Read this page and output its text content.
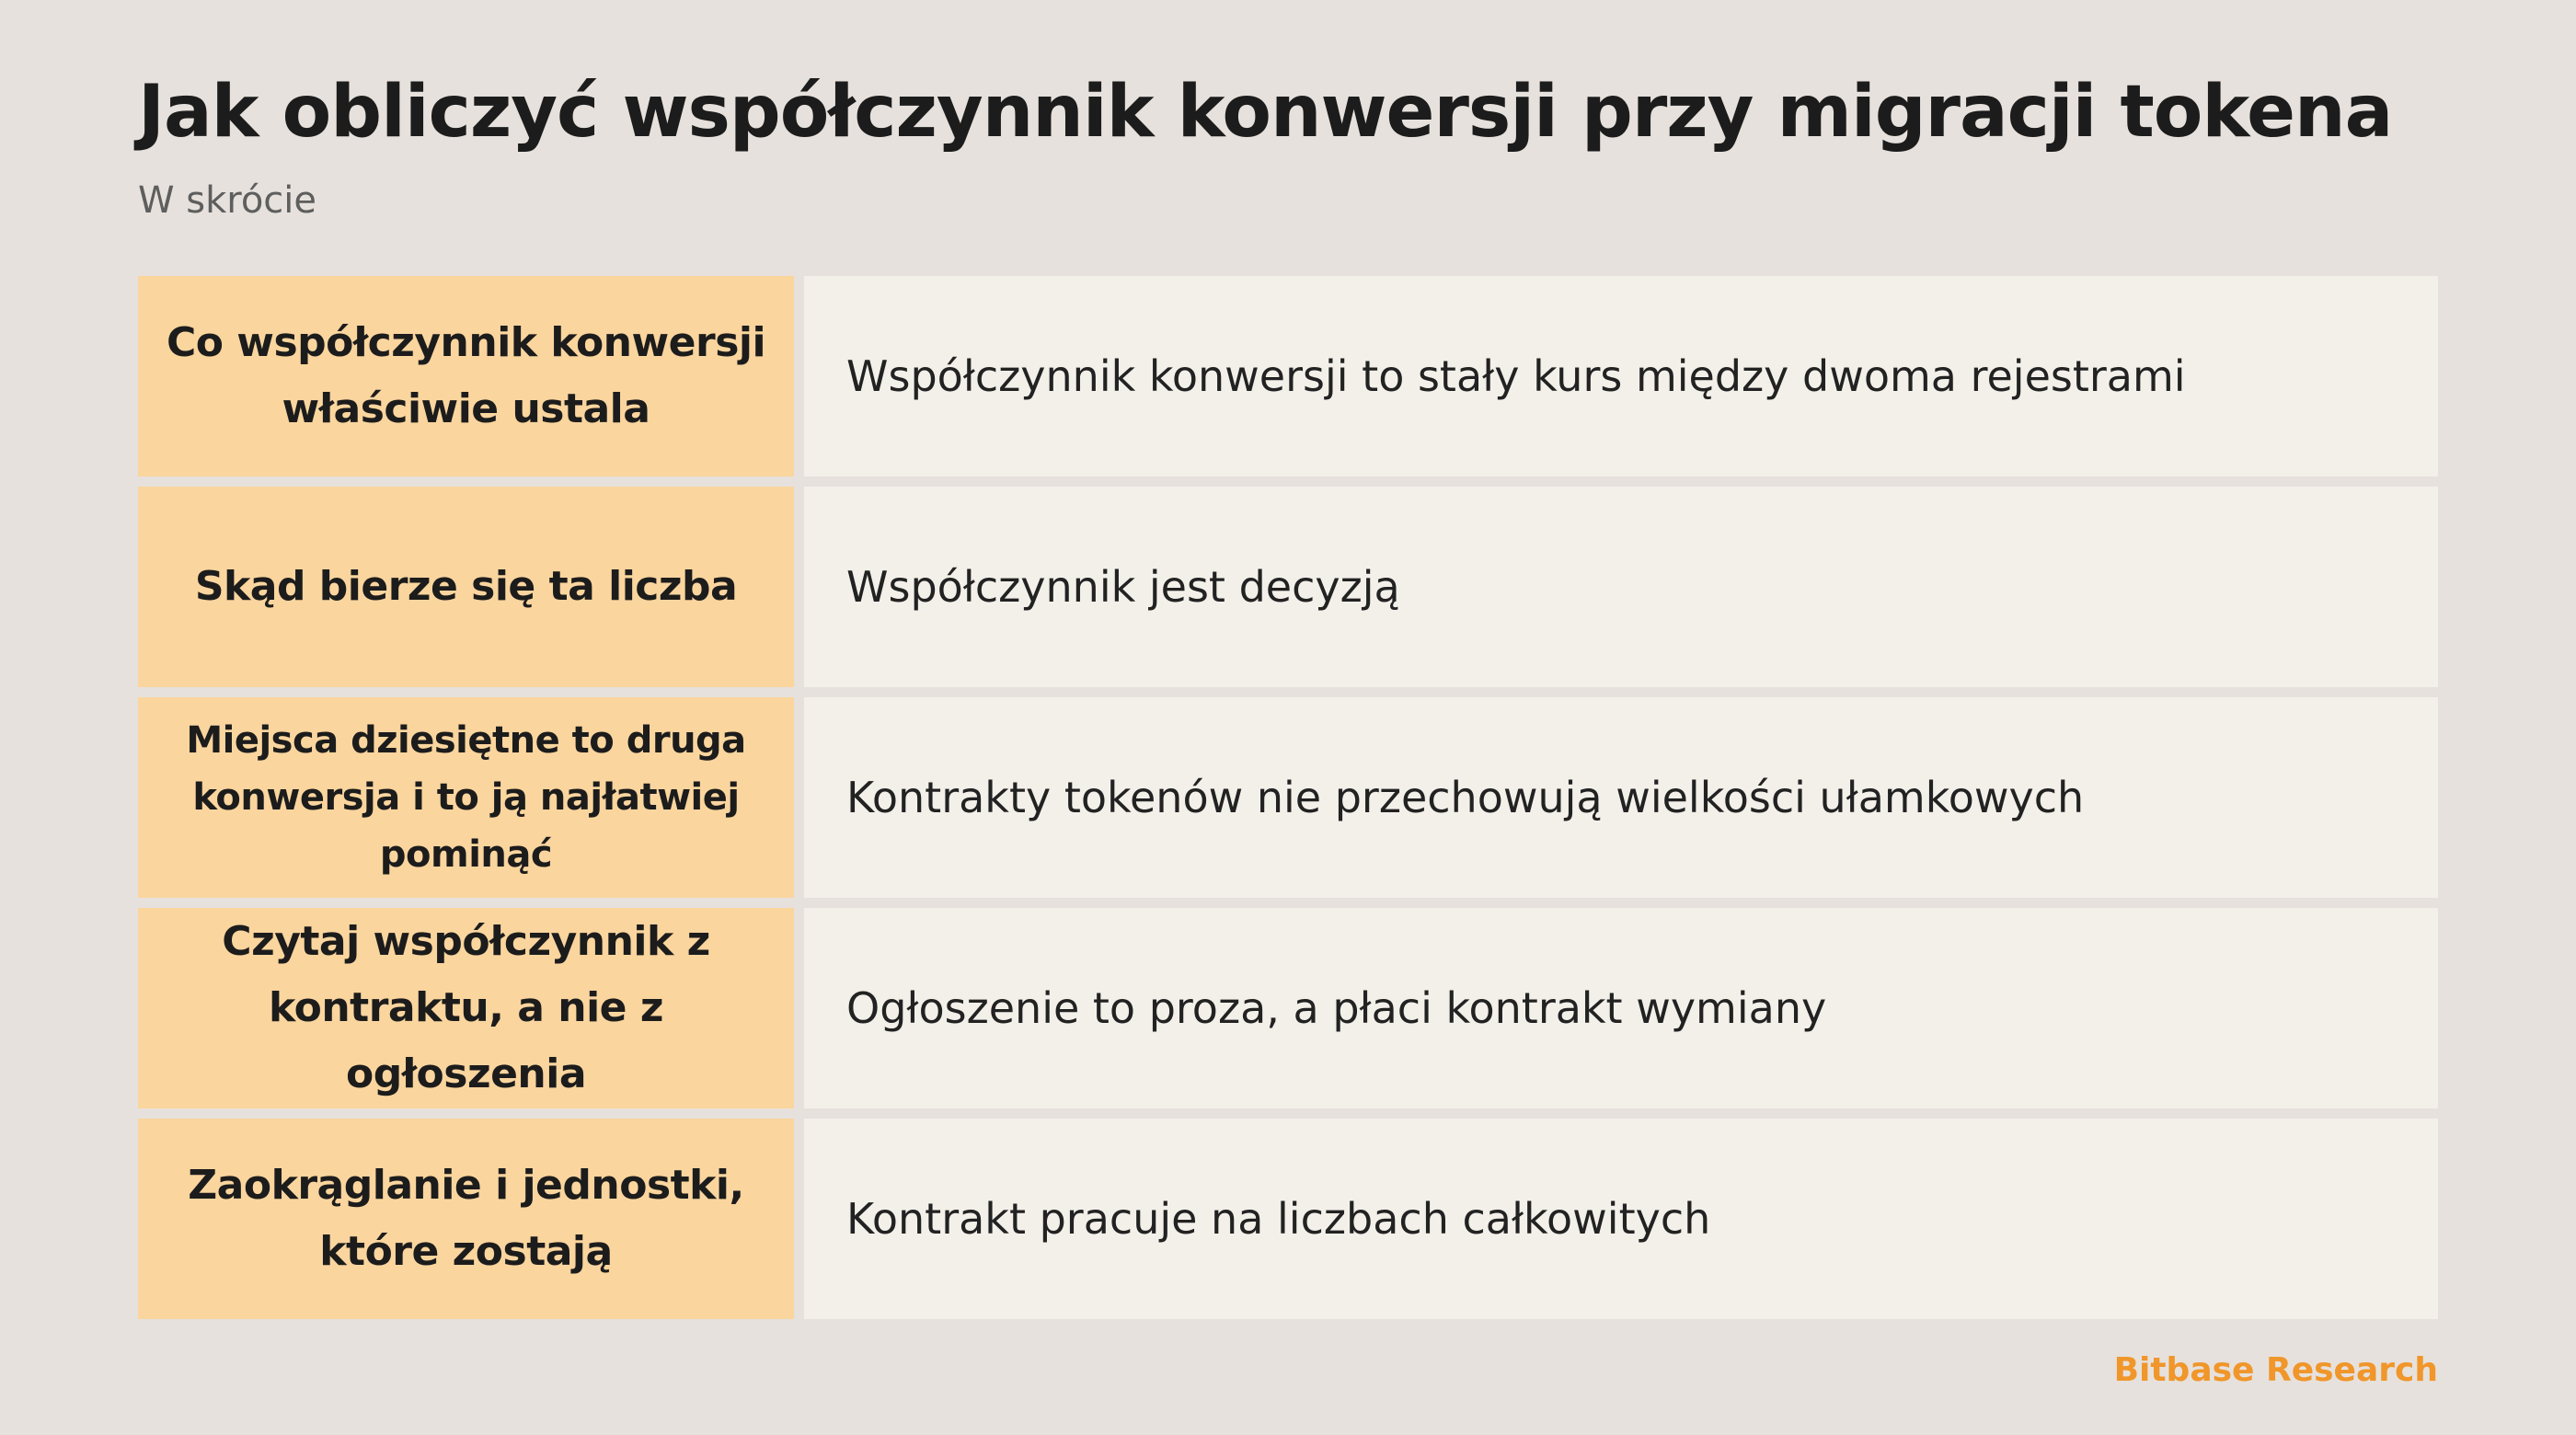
Jak obliczyć współczynnik konwersji przy migracji tokena

W skrócie

Co współczynnik konwersji właściwie ustala
Współczynnik konwersji to stały kurs między dwoma rejestrami
Skąd bierze się ta liczba	Współczynnik jest decyzją
Miejsca dziesiętne to druga konwersja i to ją najłatwiej pominąć
Kontrakty tokenów nie przechowują wielkości ułamkowych
Czytaj współczynnik z kontraktu, a nie z ogłoszenia
Ogłoszenie to proza, a płaci kontrakt wymiany
Zaokrąglanie i jednostki, które zostają
Kontrakt pracuje na liczbach całkowitych

Bitbase Research
